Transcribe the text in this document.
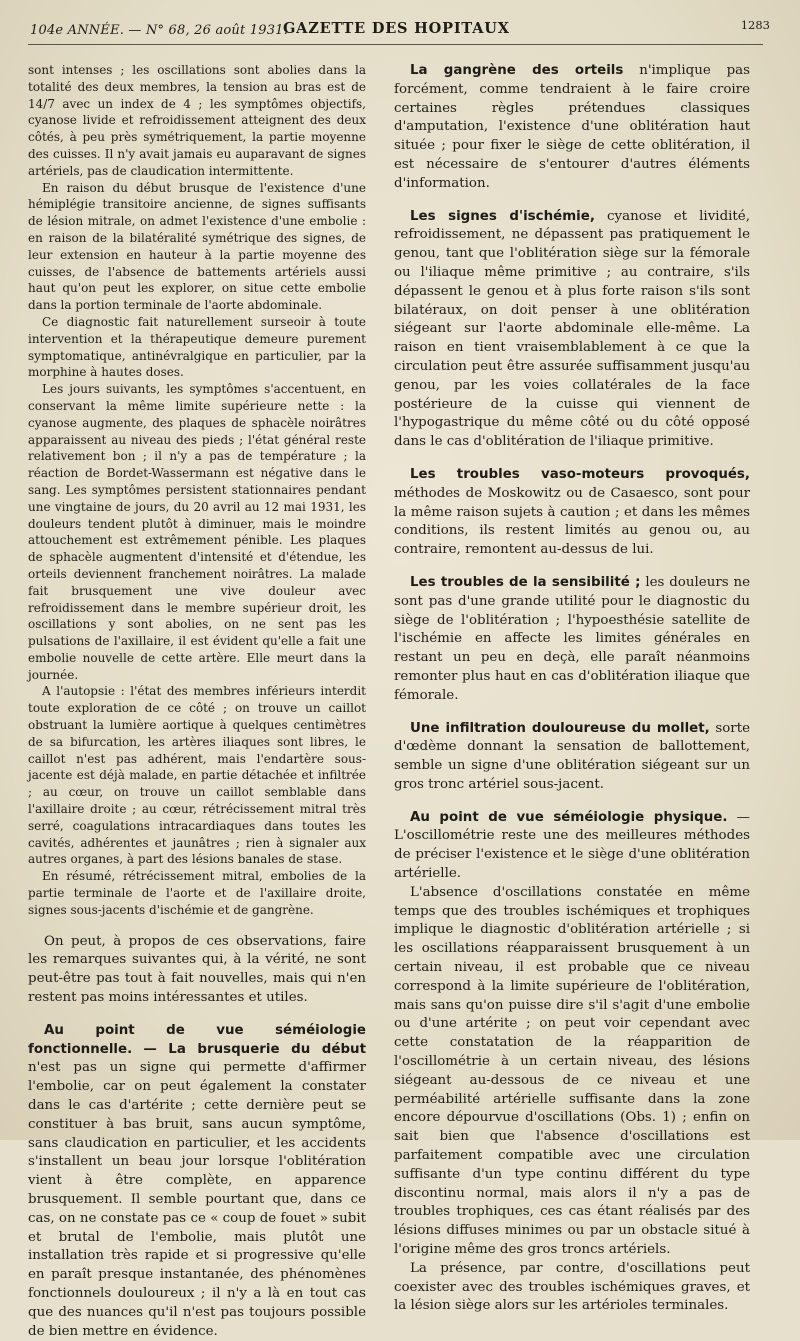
104e ANNÉE. — N° 68, 26 août 1931.
GAZETTE DES HOPITAUX	1283

sont intenses ; les oscillations sont abolies dans la totalité des deux membres, la tension au bras est de 14/7 avec un index de 4 ; les symptômes objectifs, cyanose livide et refroidissement atteignent des deux côtés, à peu près symétriquement, la partie moyenne des cuisses. Il n'y avait jamais eu auparavant de signes artériels, pas de claudication intermittente.

En raison du début brusque de l'existence d'une hémiplégie transitoire ancienne, de signes suffisants de lésion mitrale, on admet l'existence d'une embolie : en raison de la bilatéralité symétrique des signes, de leur extension en hauteur à la partie moyenne des cuisses, de l'absence de battements artériels aussi haut qu'on peut les explorer, on situe cette embolie dans la portion terminale de l'aorte abdominale.

Ce diagnostic fait naturellement surseoir à toute intervention et la thérapeutique demeure purement symptomatique, antinévralgique en particulier, par la morphine à hautes doses.

Les jours suivants, les symptômes s'accentuent, en conservant la même limite supérieure nette : la cyanose augmente, des plaques de sphacèle noirâtres apparaissent au niveau des pieds ; l'état général reste relativement bon ; il n'y a pas de température ; la réaction de Bordet-Wassermann est négative dans le sang. Les symptômes persistent stationnaires pendant une vingtaine de jours, du 20 avril au 12 mai 1931, les douleurs tendent plutôt à diminuer, mais le moindre attouchement est extrêmement pénible. Les plaques de sphacèle augmentent d'intensité et d'étendue, les orteils deviennent franchement noirâtres. La malade fait brusquement une vive douleur avec refroidissement dans le membre supérieur droit, les oscillations y sont abolies, on ne sent pas les pulsations de l'axillaire, il est évident qu'elle a fait une embolie nouvelle de cette artère. Elle meurt dans la journée.

A l'autopsie : l'état des membres inférieurs interdit toute exploration de ce côté ; on trouve un caillot obstruant la lumière aortique à quelques centimètres de sa bifurcation, les artères iliaques sont libres, le caillot n'est pas adhérent, mais l'endartère sous-jacente est déjà malade, en partie détachée et infiltrée ; au cœur, on trouve un caillot semblable dans l'axillaire droite ; au cœur, rétrécissement mitral très serré, coagulations intracardiaques dans toutes les cavités, adhérentes et jaunâtres ; rien à signaler aux autres organes, à part des lésions banales de stase.

En résumé, rétrécissement mitral, embolies de la partie terminale de l'aorte et de l'axillaire droite, signes sous-jacents d'ischémie et de gangrène.

On peut, à propos de ces observations, faire les remarques suivantes qui, à la vérité, ne sont peut-être pas tout à fait nouvelles, mais qui n'en restent pas moins intéressantes et utiles.

Au point de vue séméiologie fonctionnelle. — La brusquerie du début n'est pas un signe qui permette d'affirmer l'embolie, car on peut également la constater dans le cas d'artérite ; cette dernière peut se constituer à bas bruit, sans aucun symptôme, sans claudication en particulier, et les accidents s'installent un beau jour lorsque l'oblitération vient à être complète, en apparence brusquement. Il semble pourtant que, dans ce cas, on ne constate pas ce « coup de fouet » subit et brutal de l'embolie, mais plutôt une installation très rapide et si progressive qu'elle en paraît presque instantanée, des phénomènes fonctionnels douloureux ; il n'y a là en tout cas que des nuances qu'il n'est pas toujours possible de bien mettre en évidence.

La gangrène des orteils n'implique pas forcément, comme tendraient à le faire croire certaines règles prétendues classiques d'amputation, l'existence d'une oblitération haut située ; pour fixer le siège de cette oblitération, il est nécessaire de s'entourer d'autres éléments d'information.

Les signes d'ischémie, cyanose et lividité, refroidissement, ne dépassent pas pratiquement le genou, tant que l'oblitération siège sur la fémorale ou l'iliaque même primitive ; au contraire, s'ils dépassent le genou et à plus forte raison s'ils sont bilatéraux, on doit penser à une oblitération siégeant sur l'aorte abdominale elle-même. La raison en tient vraisemblablement à ce que la circulation peut être assurée suffisamment jusqu'au genou, par les voies collatérales de la face postérieure de la cuisse qui viennent de l'hypogastrique du même côté ou du côté opposé dans le cas d'oblitération de l'iliaque primitive.

Les troubles vaso-moteurs provoqués, méthodes de Moskowitz ou de Casaesco, sont pour la même raison sujets à caution ; et dans les mêmes conditions, ils restent limités au genou ou, au contraire, remontent au-dessus de lui.

Les troubles de la sensibilité ; les douleurs ne sont pas d'une grande utilité pour le diagnostic du siège de l'oblitération ; l'hypoesthésie satellite de l'ischémie en affecte les limites générales en restant un peu en deçà, elle paraît néanmoins remonter plus haut en cas d'oblitération iliaque que fémorale.

Une infiltration douloureuse du mollet, sorte d'œdème donnant la sensation de ballottement, semble un signe d'une oblitération siégeant sur un gros tronc artériel sous-jacent.

Au point de vue séméiologie physique. — L'oscillométrie reste une des meilleures méthodes de préciser l'existence et le siège d'une oblitération artérielle.

L'absence d'oscillations constatée en même temps que des troubles ischémiques et trophiques implique le diagnostic d'oblitération artérielle ; si les oscillations réapparaissent brusquement à un certain niveau, il est probable que ce niveau correspond à la limite supérieure de l'oblitération, mais sans qu'on puisse dire s'il s'agit d'une embolie ou d'une artérite ; on peut voir cependant avec cette constatation de la réapparition de l'oscillométrie à un certain niveau, des lésions siégeant au-dessous de ce niveau et une perméabilité artérielle suffisante dans la zone encore dépourvue d'oscillations (Obs. 1) ; enfin on sait bien que l'absence d'oscillations est parfaitement compatible avec une circulation suffisante d'un type continu différent du type discontinu normal, mais alors il n'y a pas de troubles trophiques, ces cas étant réalisés par des lésions diffuses minimes ou par un obstacle situé à l'origine même des gros troncs artériels.

La présence, par contre, d'oscillations peut coexister avec des troubles ischémiques graves, et la lésion siège alors sur les artérioles terminales.
